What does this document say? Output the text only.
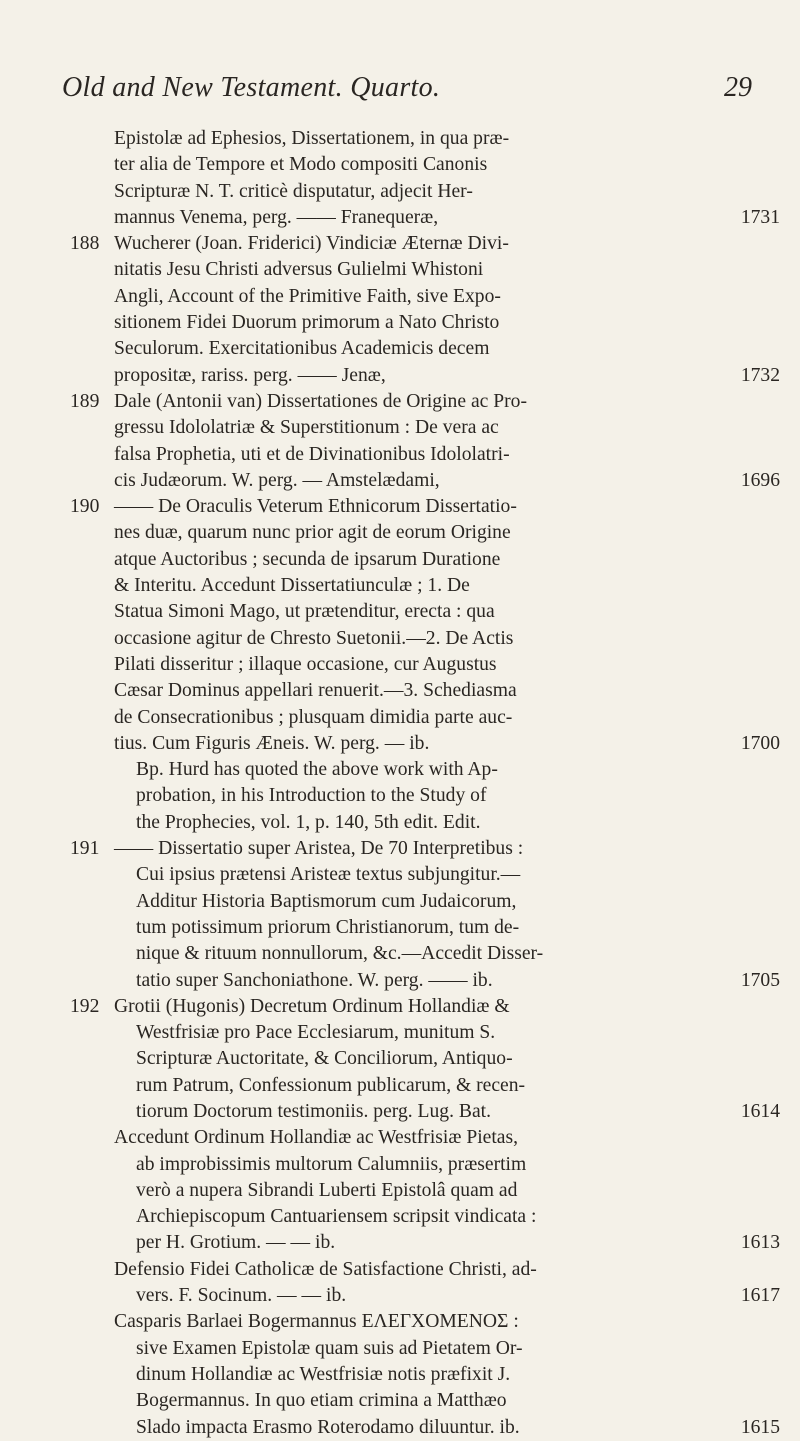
Old and New Testament. Quarto.	29
Epistolæ ad Ephesios, Dissertationem, in qua præ-
ter alia de Tempore et Modo compositi Canonis
Scripturæ N. T. criticè disputatur, adjecit Her-
mannus Venema, perg. —— Franequeræ,	1731
188 Wucherer (Joan. Friderici) Vindiciæ Æternæ Divi-
nitatis Jesu Christi adversus Gulielmi Whistoni
Angli, Account of the Primitive Faith, sive Expo-
sitionem Fidei Duorum primorum a Nato Christo
Seculorum. Exercitationibus Academicis decem
propositæ, rariss. perg. —— Jenæ,	1732
189 Dale (Antonii van) Dissertationes de Origine ac Pro-
gressu Idololatriæ & Superstitionum : De vera ac
falsa Prophetia, uti et de Divinationibus Idololatri-
cis Judæorum. W. perg. — Amstelædami,	1696
190 —— De Oraculis Veterum Ethnicorum Dissertatio-
nes duæ, quarum nunc prior agit de eorum Origine
atque Auctoribus ; secunda de ipsarum Duratione
& Interitu. Accedunt Dissertatiunculæ ; 1. De
Statua Simoni Mago, ut prætenditur, erecta : qua
occasione agitur de Chresto Suetonii.—2. De Actis
Pilati disseritur ; illaque occasione, cur Augustus
Cæsar Dominus appellari renuerit.—3. Schediasma
de Consecrationibus ; plusquam dimidia parte auc-
tius. Cum Figuris Æneis. W. perg. — ib.	1700
Bp. Hurd has quoted the above work with Ap-
probation, in his Introduction to the Study of
the Prophecies, vol. 1, p. 140, 5th edit. Edit.
191 —— Dissertatio super Aristea, De 70 Interpretibus :
Cui ipsius prætensi Aristeæ textus subjungitur.—
Additur Historia Baptismorum cum Judaicorum,
tum potissimum priorum Christianorum, tum de-
nique & rituum nonnullorum, &c.—Accedit Disser-
tatio super Sanchoniathone. W. perg. —— ib.	1705
192 Grotii (Hugonis) Decretum Ordinum Hollandiæ &
Westfrisiæ pro Pace Ecclesiarum, munitum S.
Scripturæ Auctoritate, & Conciliorum, Antiquo-
rum Patrum, Confessionum publicarum, & recen-
tiorum Doctorum testimoniis. perg. Lug. Bat.	1614
Accedunt Ordinum Hollandiæ ac Westfrisiæ Pietas,
ab improbissimis multorum Calumniis, præsertim
verò a nupera Sibrandi Luberti Epistolâ quam ad
Archiepiscopum Cantuariensem scripsit vindicata :
per H. Grotium. — — ib.	1613
Defensio Fidei Catholicæ de Satisfactione Christi, ad-
vers. F. Socinum. — — ib.	1617
Casparis Barlaei Bogermannus ΕΛΕΓΧΟΜΕΝΟΣ :
sive Examen Epistolæ quam suis ad Pietatem Or-
dinum Hollandiæ ac Westfrisiæ notis præfixit J.
Bogermannus. In quo etiam crimina a Matthæo
Slado impacta Erasmo Roterodamo diluuntur. ib.	1615
